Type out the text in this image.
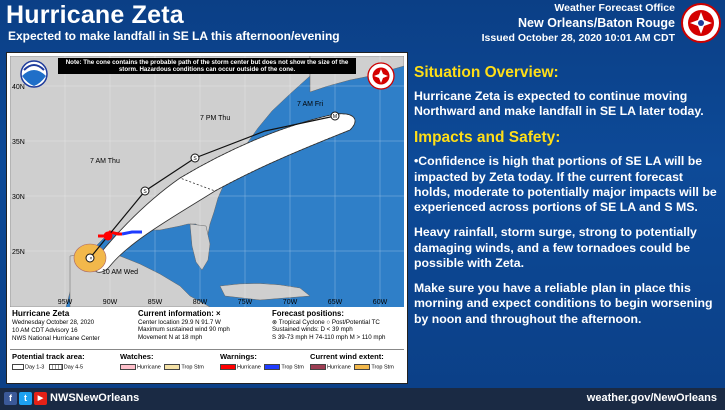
Hurricane Zeta
Expected to make landfall in SE LA this afternoon/evening
Weather Forecast Office
New Orleans/Baton Rouge
Issued October 28, 2020 10:01 AM CDT
×
S
S
M
7 AM Fri
7 PM Thu
7 AM Thu
10 AM Wed
40N
35N
30N
25N
95W	90W	85W	80W	75W	70W	65W	60W
Note: The cone contains the probable path of the storm center but does not show the size of the storm. Hazardous conditions can occur outside of the cone.
Hurricane Zeta
Wednesday October 28, 2020
10 AM CDT Advisory 16
NWS National Hurricane Center
Current information: ×
Center location 29.9 N 91.7 W
Maximum sustained wind 90 mph
Movement N at 18 mph
Forecast positions:
⊗ Tropical Cyclone ○ Post/Potential TC
Sustained winds: D < 39 mph
S 39-73 mph H 74-110 mph M > 110 mph
Potential track area:
Day 1-3	Day 4-5
Watches:
Hurricane	Trop Stm
Warnings:
Hurricane	Trop Stm
Current wind extent:
Hurricane	Trop Stm
Situation Overview:
Hurricane Zeta is expected to continue moving Northward and make landfall in SE LA later today.
Impacts and Safety:
•Confidence is high that portions of SE LA will be impacted by Zeta today. If the current forecast holds, moderate to potentially major impacts will be experienced across portions of SE LA and S MS.
Heavy rainfall, storm surge, strong to potentially damaging winds, and a few tornadoes could be possible with Zeta.
Make sure you have a reliable plan in place this morning and expect conditions to begin worsening by noon and throughout the afternoon.
f	t	▶ NWSNewOrleans	weather.gov/NewOrleans
